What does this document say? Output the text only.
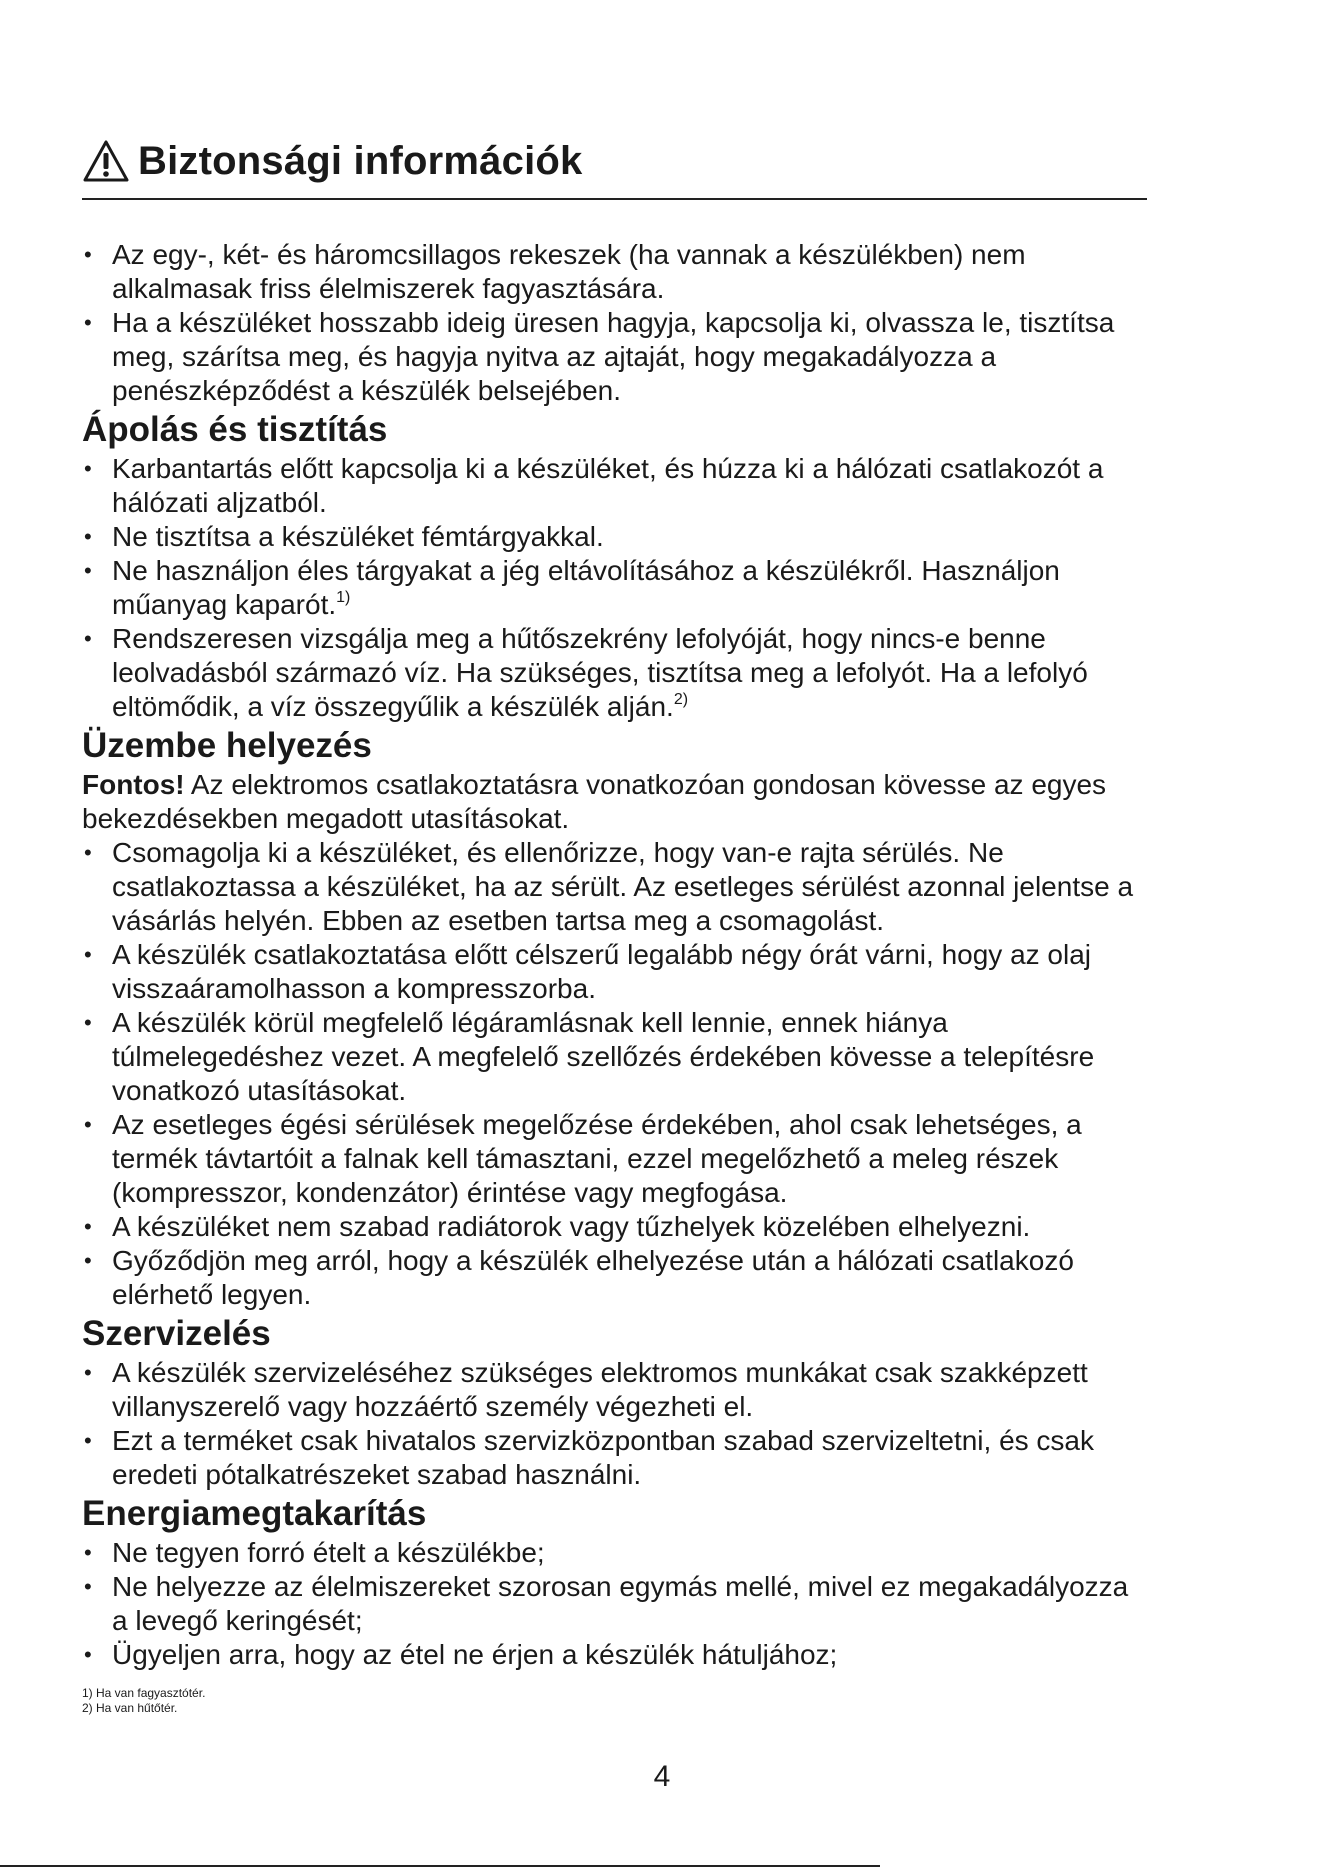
Biztonsági információk
• Az egy-, két- és háromcsillagos rekeszek (ha vannak a készülékben) nem alkalmasak friss élelmiszerek fagyasztására.
• Ha a készüléket hosszabb ideig üresen hagyja, kapcsolja ki, olvassza le, tisztítsa meg, szárítsa meg, és hagyja nyitva az ajtaját, hogy megakadályozza a penészképződést a készülék belsejében.
Ápolás és tisztítás
• Karbantartás előtt kapcsolja ki a készüléket, és húzza ki a hálózati csatlakozót a hálózati aljzatból.
• Ne tisztítsa a készüléket fémtárgyakkal.
• Ne használjon éles tárgyakat a jég eltávolításához a készülékről. Használjon műanyag kaparót.$^{1)}$
• Rendszeresen vizsgálja meg a hűtőszekrény lefolyóját, hogy nincs-e benne leolvadásból származó víz. Ha szükséges, tisztítsa meg a lefolyót. Ha a lefolyó eltömődik, a víz összegyűlik a készülék alján.$^{2)}$
Üzembe helyezés

Fontos! Az elektromos csatlakoztatásra vonatkozóan gondosan kövesse az egyes bekezdésekben megadott utasításokat.

• Csomagolja ki a készüléket, és ellenőrizze, hogy van-e rajta sérülés. Ne csatlakoztassa a készüléket, ha az sérült. Az esetleges sérülést azonnal jelentse a vásárlás helyén. Ebben az esetben tartsa meg a csomagolást.
• A készülék csatlakoztatása előtt célszerű legalább négy órát várni, hogy az olaj visszaáramolhasson a kompresszorba.
• A készülék körül megfelelő légáramlásnak kell lennie, ennek hiánya túlmelegedéshez vezet. A megfelelő szellőzés érdekében kövesse a telepítésre vonatkozó utasításokat.
• Az esetleges égési sérülések megelőzése érdekében, ahol csak lehetséges, a termék távtartóit a falnak kell támasztani, ezzel megelőzhető a meleg részek (kompresszor, kondenzátor) érintése vagy megfogása.
• A készüléket nem szabad radiátorok vagy tűzhelyek közelében elhelyezni.
• Győződjön meg arról, hogy a készülék elhelyezése után a hálózati csatlakozó elérhető legyen.
Szervizelés
• A készülék szervizeléséhez szükséges elektromos munkákat csak szakképzett villanyszerelő vagy hozzáértő személy végezheti el.
• Ezt a terméket csak hivatalos szervizközpontban szabad szervizeltetni, és csak eredeti pótalkatrészeket szabad használni.
Energiamegtakarítás
• Ne tegyen forró ételt a készülékbe;
• Ne helyezze az élelmiszereket szorosan egymás mellé, mivel ez megakadályozza a levegő keringését;
• Ügyeljen arra, hogy az étel ne érjen a készülék hátuljához;
1) Ha van fagyasztótér.
2) Ha van hűtőtér.
4
